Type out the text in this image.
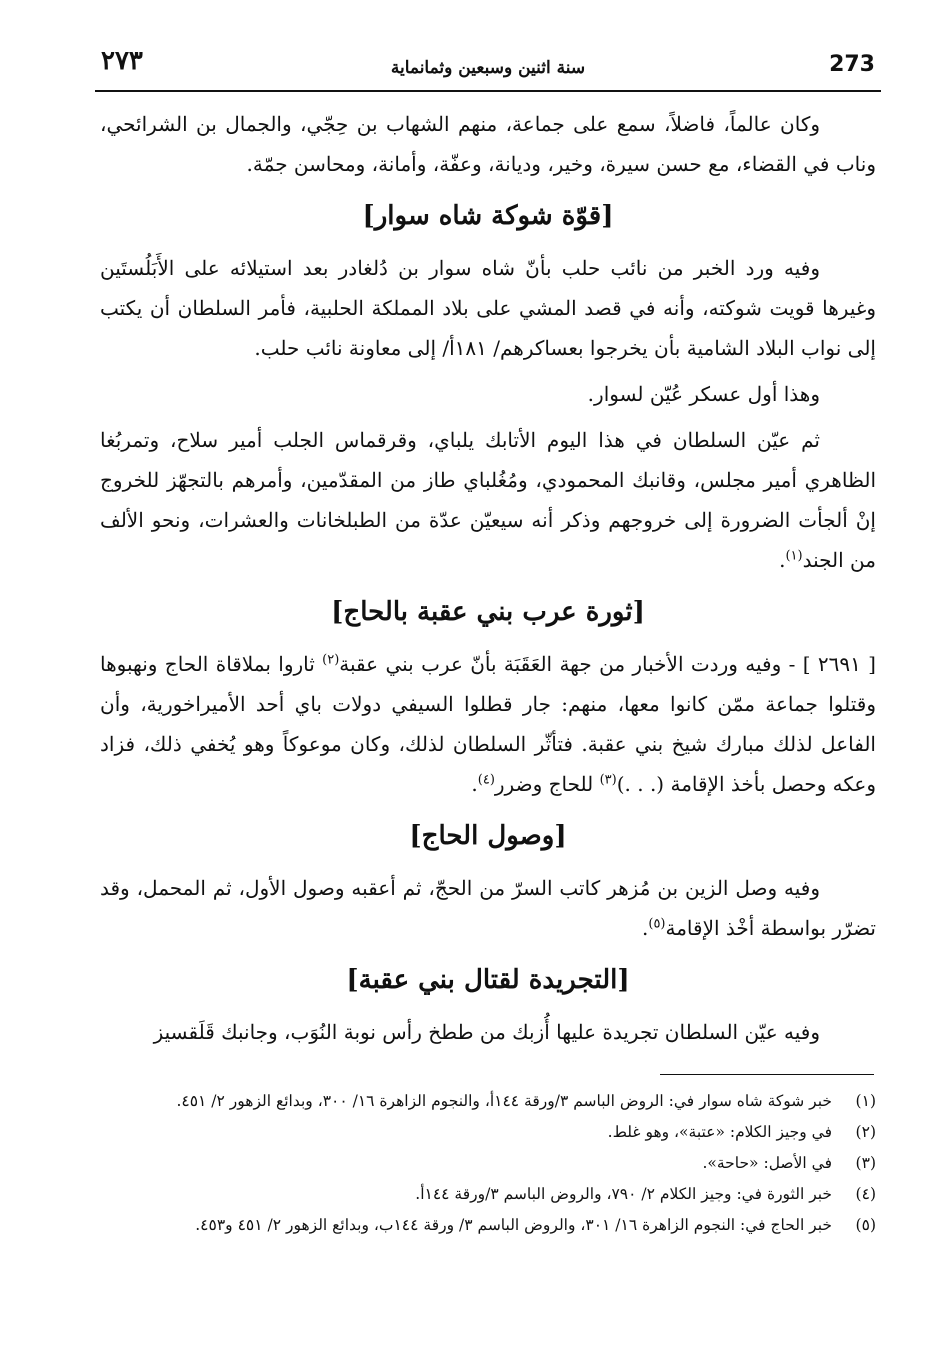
٢٧٣	سنة اثنين وسبعين وثمانماية	273

وكان عالماً، فاضلاً، سمع على جماعة، منهم الشهاب بن حِجّي، والجمال بن الشرائحي، وناب في القضاء، مع حسن سيرة، وخير، وديانة، وعفّة، وأمانة، ومحاسن جمّة.

[قوّة شوكة شاه سوار]

وفيه ورد الخبر من نائب حلب بأنّ شاه سوار بن دُلغادر بعد استيلائه على الأَبَلُستَين وغيرها قويت شوكته، وأنه في قصد المشي على بلاد المملكة الحلبية، فأمر السلطان أن يكتب إلى نواب البلاد الشامية بأن يخرجوا بعساكرهم/ ١٨١أ/ إلى معاونة نائب حلب.

وهذا أول عسكر عُيّن لسوار.

ثم عيّن السلطان في هذا اليوم الأتابك يلباي، وقرقماس الجلب أمير سلاح، وتمربُغا الظاهري أمير مجلس، وقانبك المحمودي، ومُغُلباي طاز من المقدّمين، وأمرهم بالتجهّز للخروج إنْ ألجأت الضرورة إلى خروجهم وذكر أنه سيعيّن عدّة من الطبلخانات والعشرات، ونحو الألف من الجند$^{(١)}$.

[ثورة عرب بني عقبة بالحاج]

[ ٢٦٩١ ] - وفيه وردت الأخبار من جهة العَقَبَة بأنّ عرب بني عقبة$^{(٢)}$ ثاروا بملاقاة الحاج ونهبوها وقتلوا جماعة ممّن كانوا معها، منهم: جار قطلوا السيفي دولات باي أحد الأميراخورية، وأن الفاعل لذلك مبارك شيخ بني عقبة. فتأثّر السلطان لذلك، وكان موعوكاً وهو يُخفي ذلك، فزاد وعكه وحصل بأخذ الإقامة (. . .)$^{(٣)}$ للحاج وضرر$^{(٤)}$.

[وصول الحاج]

وفيه وصل الزين بن مُزهر كاتب السرّ من الحجّ، ثم أعقبه وصول الأول، ثم المحمل، وقد تضرّر بواسطة أخْذ الإقامة$^{(٥)}$.

[التجريدة لقتال بني عقبة]

وفيه عيّن السلطان تجريدة عليها أُزبك من ططخ رأس نوبة النُوَب، وجانبك قَلَقسيز

(١)
خبر شوكة شاه سوار في: الروض الباسم ٣/ورقة ١٤٤أ، والنجوم الزاهرة ١٦/ ٣٠٠، وبدائع الزهور ٢/ ٤٥١.
(٢)
في وجيز الكلام: «عتبة»، وهو غلط.
(٣)
في الأصل: «حاحة».
(٤)
خبر الثورة في: وجيز الكلام ٢/ ٧٩٠، والروض الباسم ٣/ورقة ١٤٤أ.
(٥)
خبر الحاج في: النجوم الزاهرة ١٦/ ٣٠١، والروض الباسم ٣/ ورقة ١٤٤ب، وبدائع الزهور ٢/ ٤٥١ و٤٥٣.
